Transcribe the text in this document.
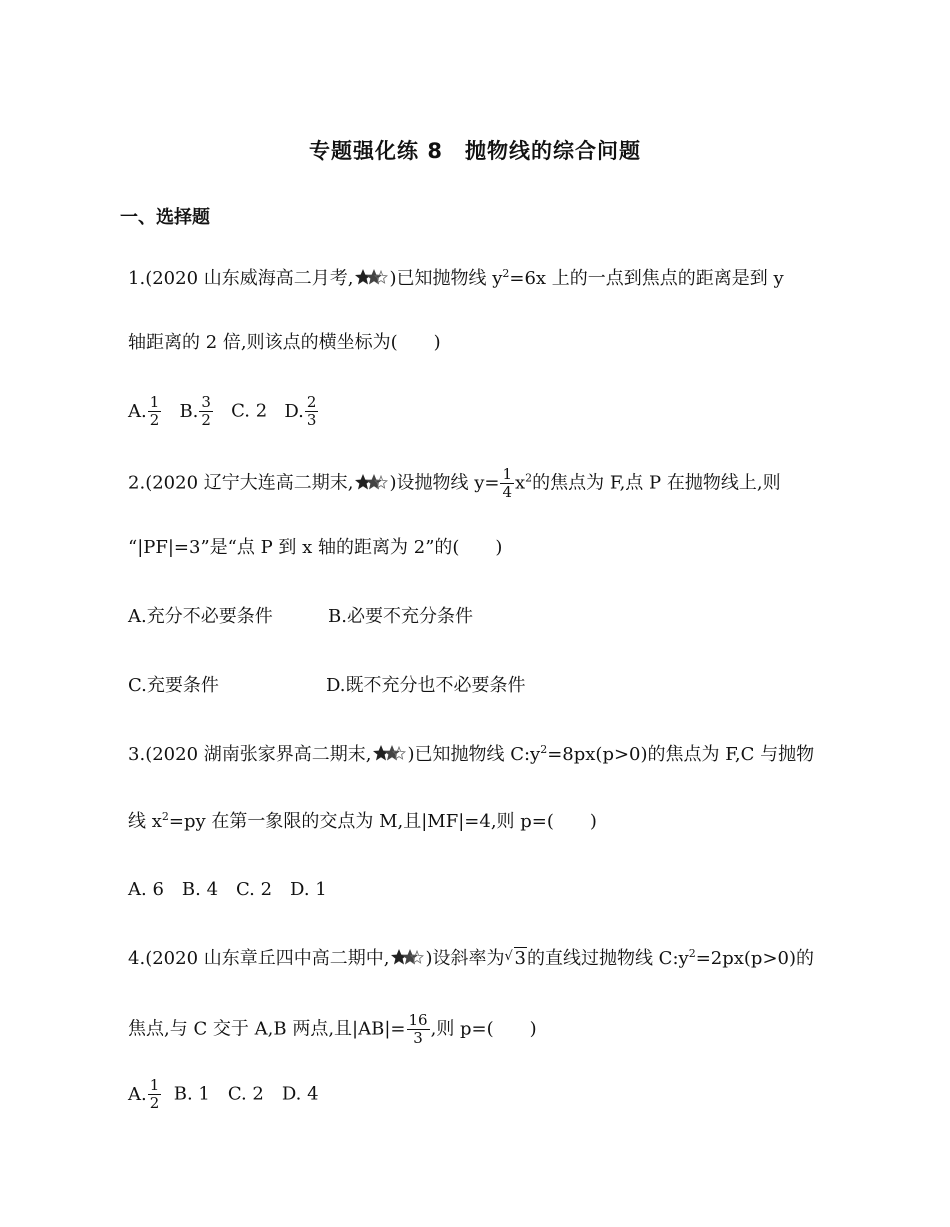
专题强化练 8 抛物线的综合问题
一、选择题
1.(2020 山东威海高二月考, )已知抛物线 $y^2=6x$ 上的一点到焦点的距离是到 y
轴距离的 2 倍,则该点的横坐标为(　　)
A. $\frac{1}{2} B$. $\frac{3}{2} C$. 2 D. $\frac{2}{3}$
2.(2020 辽宁大连高二期末, )设抛物线 $y= \frac{1}{4} x^2$的焦点为 F,点 P 在抛物线上,则
“|PF|=3”是“点 P 到 x 轴的距离为 2”的(　　)
A.充分不必要条件	B.必要不充分条件
C.充要条件	D.既不充分也不必要条件
3.(2020 湖南张家界高二期末, )已知抛物线 $C:y^2=8px(p>0)$的焦点为 F,C 与抛物
线 $x^2=py$ 在第一象限的交点为 M,且|MF|=4,则 p=(　　)
A. 6　B. 4　C. 2　D. 1
4.(2020 山东章丘四中高二期中, )设斜率为 √ 3的直线过抛物线 $C:y^2=2px(p>0)$的
焦点,与 C 交于 A,B 两点,且$|AB|= \frac{16}{3}$ ,则 p=(　　)
A. $\frac{1}{2} B$. 1　C. 2　D. 4
